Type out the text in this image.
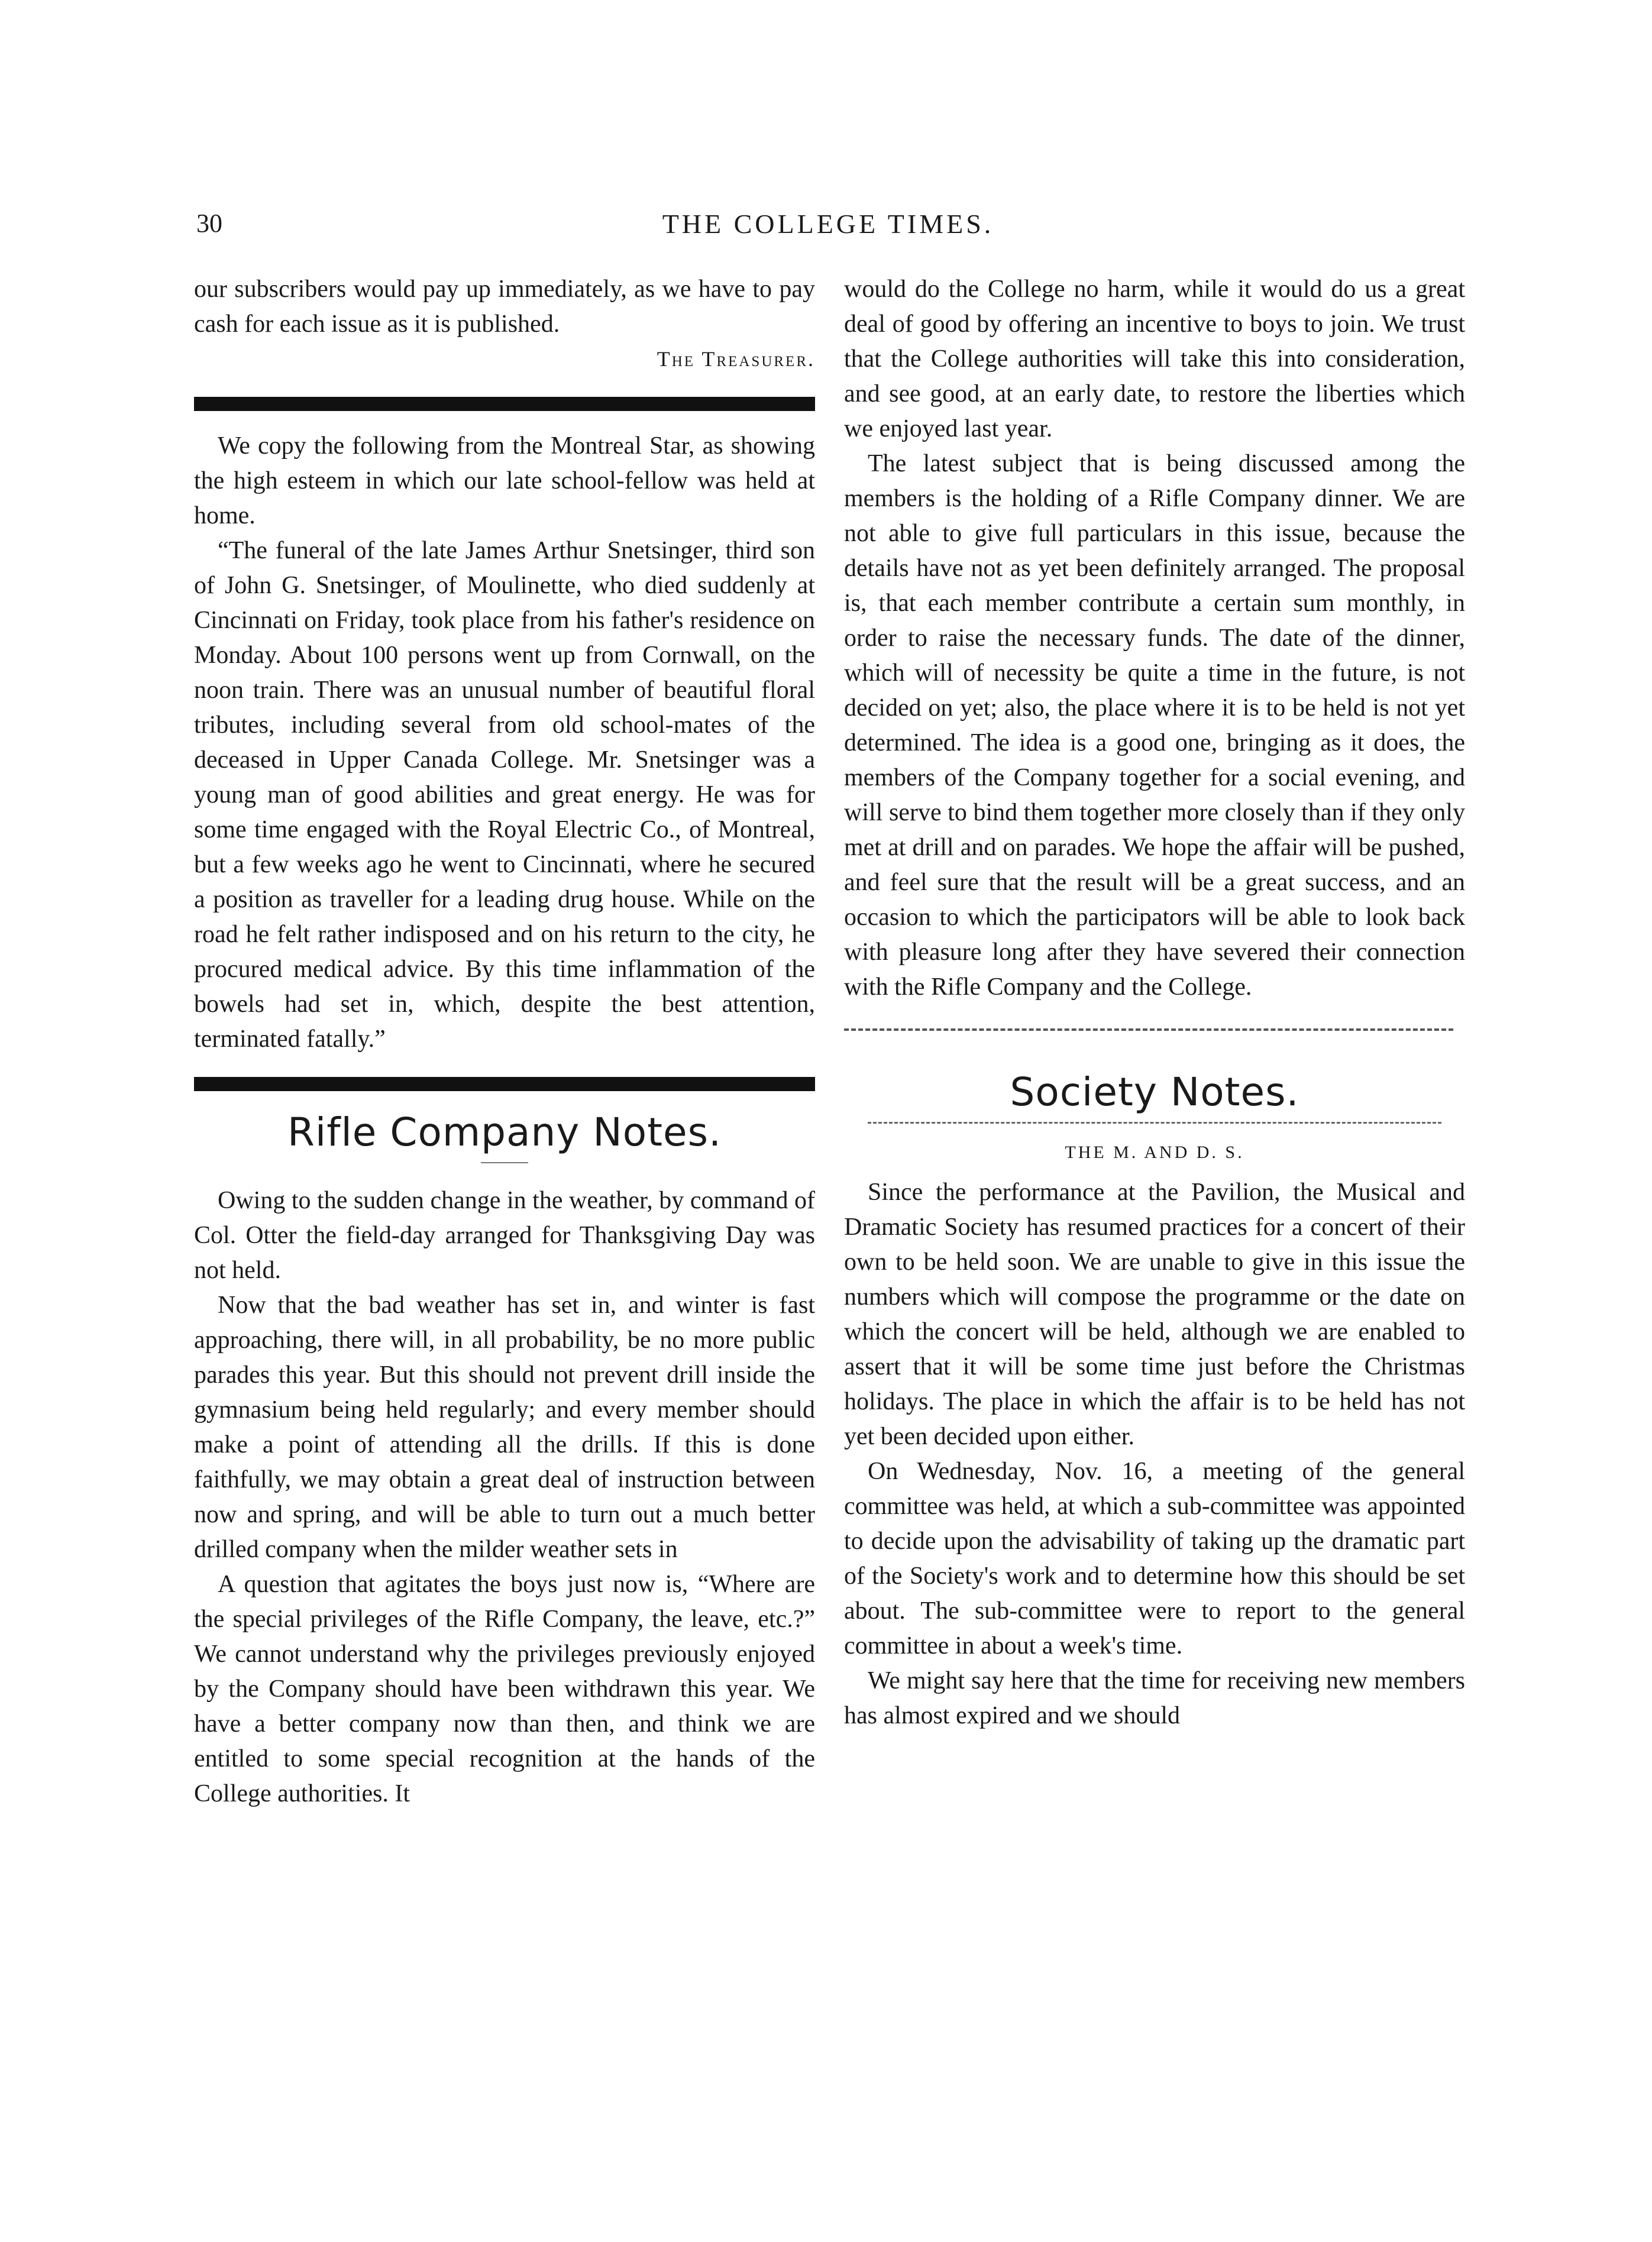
30	THE COLLEGE TIMES.

our subscribers would pay up immediately, as we have to pay cash for each issue as it is published.

The Treasurer.

We copy the following from the Montreal Star, as showing the high esteem in which our late school-fellow was held at home.

“The funeral of the late James Arthur Snetsinger, third son of John G. Snetsinger, of Moulinette, who died suddenly at Cincinnati on Friday, took place from his father's residence on Monday. About 100 persons went up from Cornwall, on the noon train. There was an unusual number of beautiful floral tributes, including several from old school-mates of the deceased in Upper Canada College. Mr. Snetsinger was a young man of good abilities and great energy. He was for some time engaged with the Royal Electric Co., of Montreal, but a few weeks ago he went to Cincinnati, where he secured a position as traveller for a leading drug house. While on the road he felt rather indisposed and on his return to the city, he procured medical advice. By this time inflammation of the bowels had set in, which, despite the best attention, terminated fatally.”

Rifle Company Notes.

Owing to the sudden change in the weather, by command of Col. Otter the field-day arranged for Thanksgiving Day was not held.

Now that the bad weather has set in, and winter is fast approaching, there will, in all probability, be no more public parades this year. But this should not prevent drill inside the gymnasium being held regularly; and every member should make a point of attending all the drills. If this is done faithfully, we may obtain a great deal of instruction between now and spring, and will be able to turn out a much better drilled company when the milder weather sets in

A question that agitates the boys just now is, “Where are the special privileges of the Rifle Company, the leave, etc.?” We cannot understand why the privileges previously enjoyed by the Company should have been withdrawn this year. We have a better company now than then, and think we are entitled to some special recognition at the hands of the College authorities. It

would do the College no harm, while it would do us a great deal of good by offering an incentive to boys to join. We trust that the College authorities will take this into consideration, and see good, at an early date, to restore the liberties which we enjoyed last year.

The latest subject that is being discussed among the members is the holding of a Rifle Company dinner. We are not able to give full particulars in this issue, because the details have not as yet been definitely arranged. The proposal is, that each member contribute a certain sum monthly, in order to raise the necessary funds. The date of the dinner, which will of necessity be quite a time in the future, is not decided on yet; also, the place where it is to be held is not yet determined. The idea is a good one, bringing as it does, the members of the Company together for a social evening, and will serve to bind them together more closely than if they only met at drill and on parades. We hope the affair will be pushed, and feel sure that the result will be a great success, and an occasion to which the participators will be able to look back with pleasure long after they have severed their connection with the Rifle Company and the College.

Society Notes.
THE M. AND D. S.

Since the performance at the Pavilion, the Musical and Dramatic Society has resumed practices for a concert of their own to be held soon. We are unable to give in this issue the numbers which will compose the programme or the date on which the concert will be held, although we are enabled to assert that it will be some time just before the Christmas holidays. The place in which the affair is to be held has not yet been decided upon either.

On Wednesday, Nov. 16, a meeting of the general committee was held, at which a sub-committee was appointed to decide upon the advisability of taking up the dramatic part of the Society's work and to determine how this should be set about. The sub-committee were to report to the general committee in about a week's time.

We might say here that the time for receiving new members has almost expired and we should
